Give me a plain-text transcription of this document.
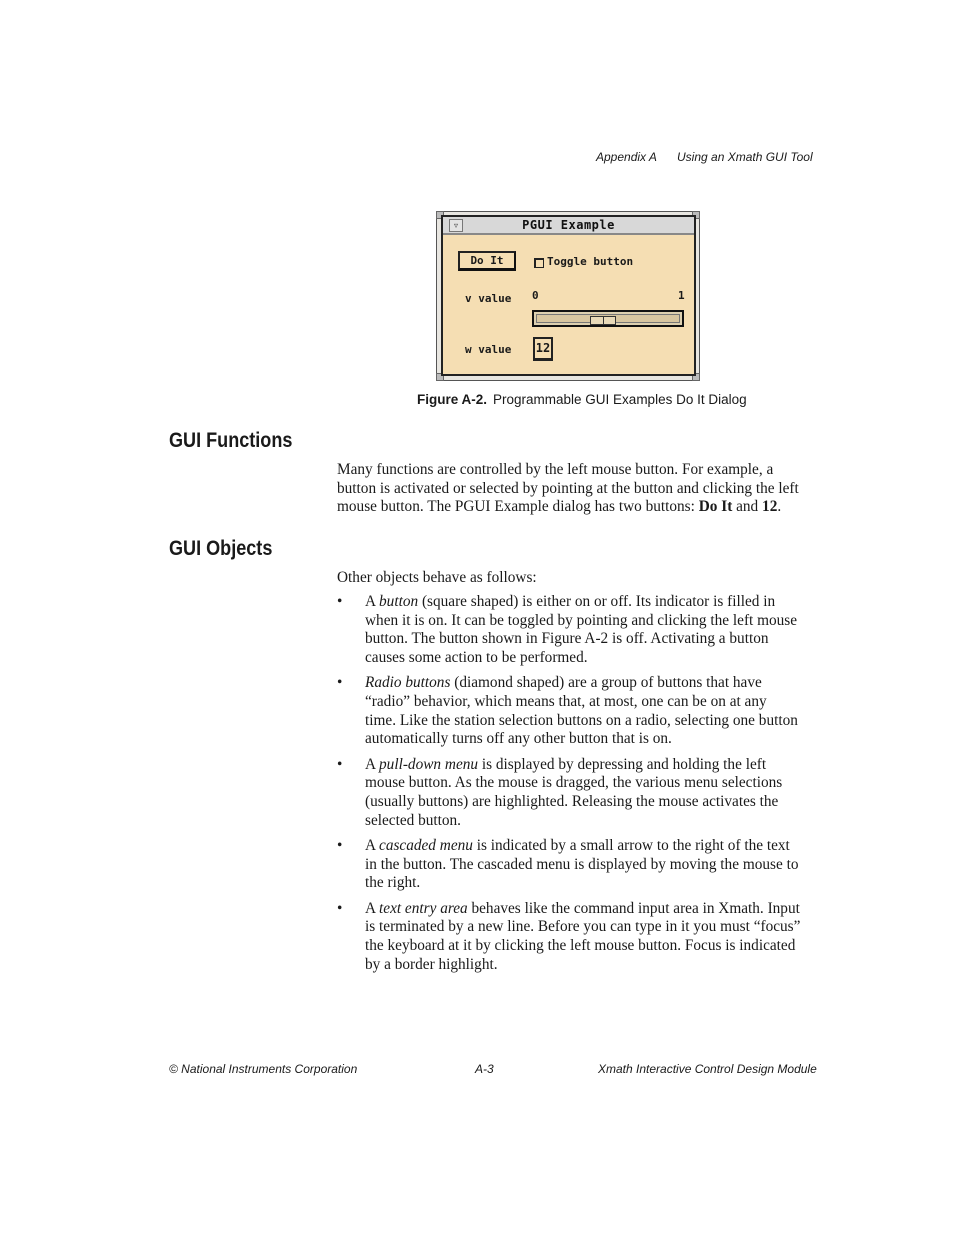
Appendix A Using an Xmath GUI Tool
▿	PGUI Example
Do It	Toggle button
v value 0	1
w value 12
Figure A-2. Programmable GUI Examples Do It Dialog
GUI Functions
Many functions are controlled by the left mouse button. For example, a button is activated or selected by pointing at the button and clicking the left mouse button. The PGUI Example dialog has two buttons: Do It and 12.
GUI Objects
Other objects behave as follows:
• A button (square shaped) is either on or off. Its indicator is filled in when it is on. It can be toggled by pointing and clicking the left mouse button. The button shown in Figure A-2 is off. Activating a button causes some action to be performed.
• Radio buttons (diamond shaped) are a group of buttons that have “radio” behavior, which means that, at most, one can be on at any time. Like the station selection buttons on a radio, selecting one button automatically turns off any other button that is on.
• A pull-down menu is displayed by depressing and holding the left mouse button. As the mouse is dragged, the various menu selections (usually buttons) are highlighted. Releasing the mouse activates the selected button.
• A cascaded menu is indicated by a small arrow to the right of the text in the button. The cascaded menu is displayed by moving the mouse to the right.
• A text entry area behaves like the command input area in Xmath. Input is terminated by a new line. Before you can type in it you must “focus” the keyboard at it by clicking the left mouse button. Focus is indicated by a border highlight.
© National Instruments Corporation	A-3	Xmath Interactive Control Design Module
